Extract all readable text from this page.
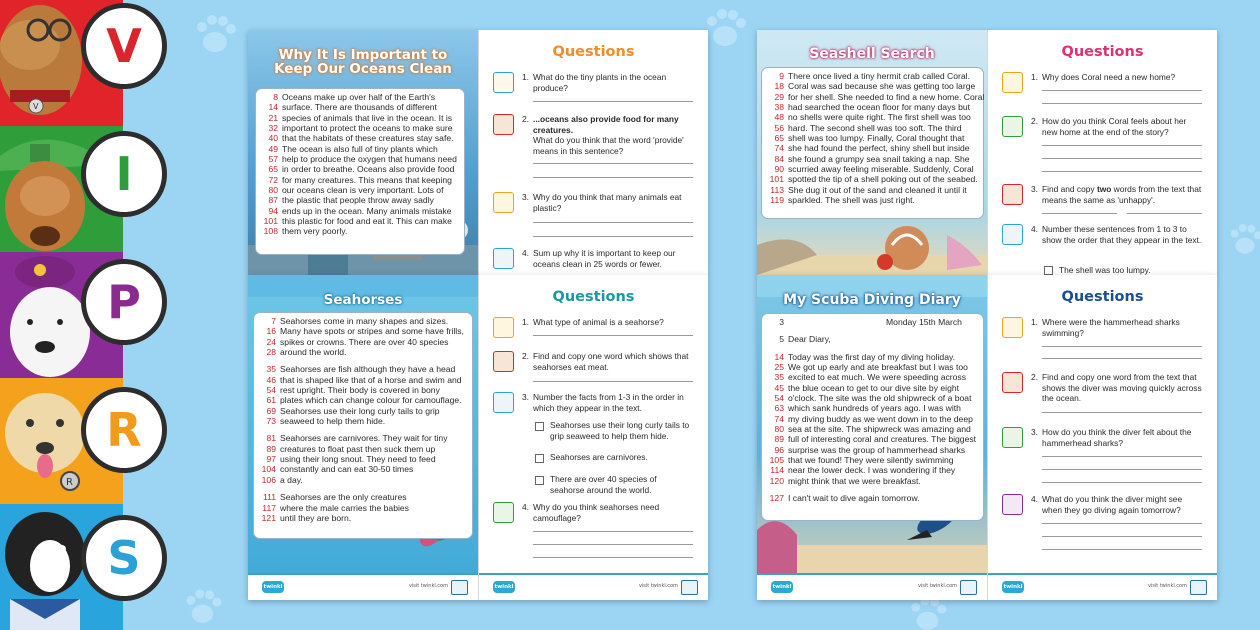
V
R
V
I
P
R
S
Why It Is Important to
Keep Our Oceans Clean
8 Oceans make up over half of the Earth's
14 surface. There are thousands of different
21 species of animals that live in the ocean. It is
32 important to protect the oceans to make sure
40 that the habitats of these creatures stay safe.
49 The ocean is also full of tiny plants which
57 help to produce the oxygen that humans need
65 in order to breathe. Oceans also provide food
72 for many creatures. This means that keeping
80 our oceans clean is very important. Lots of
87 the plastic that people throw away sadly
94 ends up in the ocean. Many animals mistake
101 this plastic for food and eat it. This can make
108 them very poorly.
Questions
1. What do the tiny plants in the ocean produce?
2. ...oceans also provide food for many creatures.
What do you think that the word 'provide' means in this sentence?
3. Why do you think that many animals eat plastic?
4. Sum up why it is important to keep our oceans clean in 25 words or fewer.
Seahorses
7 Seahorses come in many shapes and sizes.
16 Many have spots or stripes and some have frills,
24 spikes or crowns. There are over 40 species
28 around the world.
35 Seahorses are fish although they have a head
46 that is shaped like that of a horse and swim and
54 rest upright. Their body is covered in bony
61 plates which can change colour for camouflage.
69 Seahorses use their long curly tails to grip
73 seaweed to help them hide.
81 Seahorses are carnivores. They wait for tiny
89 creatures to float past then suck them up
97 using their long snout. They need to feed
104 constantly and can eat 30-50 times
106 a day.
111 Seahorses are the only creatures
117 where the male carries the babies
121 until they are born.
twinkl	visit twinkl.com
Questions
1. What type of animal is a seahorse?
2. Find and copy one word which shows that seahorses eat meat.
3. Number the facts from 1-3 in the order in which they appear in the text.
Seahorses use their long curly tails to grip seaweed to help them hide.
Seahorses are carnivores.
There are over 40 species of seahorse around the world.
4. Why do you think seahorses need camouflage?
twinkl	visit twinkl.com
Seashell Search
9 There once lived a tiny hermit crab called Coral.
18 Coral was sad because she was getting too large
29 for her shell. She needed to find a new home. Coral
38 had searched the ocean floor for many days but
48 no shells were quite right. The first shell was too
56 hard. The second shell was too soft. The third
65 shell was too lumpy. Finally, Coral thought that
74 she had found the perfect, shiny shell but inside
84 she found a grumpy sea snail taking a nap. She
90 scurried away feeling miserable. Suddenly, Coral
101 spotted the tip of a shell poking out of the seabed.
113 She dug it out of the sand and cleaned it until it
119 sparkled. The shell was just right.
Questions
1. Why does Coral need a new home?
2. How do you think Coral feels about her new home at the end of the story?
3. Find and copy two words from the text that means the same as 'unhappy'.
4. Number these sentences from 1 to 3 to show the order that they appear in the text.
The shell was too lumpy.
My Scuba Diving Diary
3	Monday 15th March
5 Dear Diary,
14 Today was the first day of my diving holiday.
25 We got up early and ate breakfast but I was too
35 excited to eat much. We were speeding across
45 the blue ocean to get to our dive site by eight
54 o'clock. The site was the old shipwreck of a boat
63 which sank hundreds of years ago. I was with
74 my diving buddy as we went down in to the deep
80 sea at the site. The shipwreck was amazing and
89 full of interesting coral and creatures. The biggest
96 surprise was the group of hammerhead sharks
105 that we found! They were silently swimming
114 near the lower deck. I was wondering if they
120 might think that we were breakfast.
127 I can't wait to dive again tomorrow.
twinkl	visit twinkl.com
Questions
1. Where were the hammerhead sharks swimming?
2. Find and copy one word from the text that shows the diver was moving quickly across the ocean.
3. How do you think the diver felt about the hammerhead sharks?
4. What do you think the diver might see when they go diving again tomorrow?
twinkl	visit twinkl.com
